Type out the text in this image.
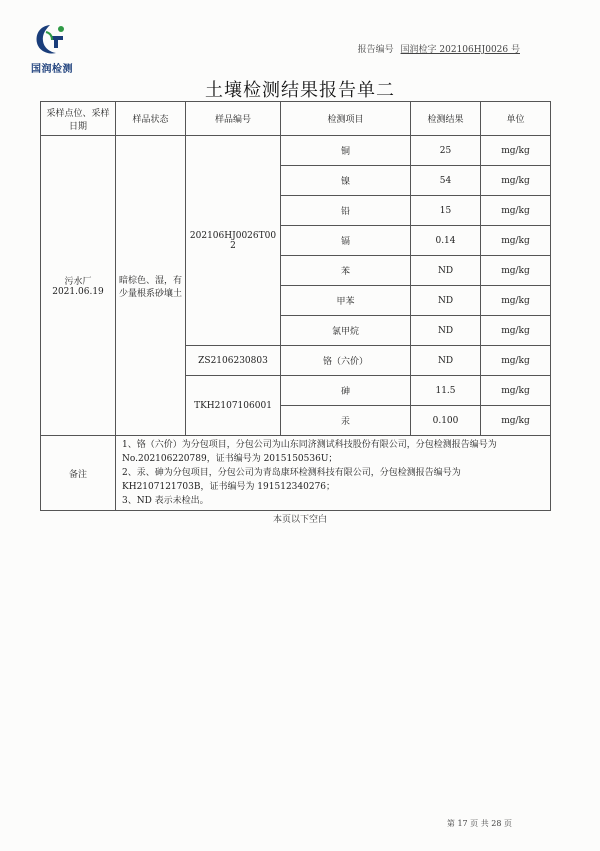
国润检测
报告编号 国润检字 202106HJ0026 号
土壤检测结果报告单二
采样点位、采样日期	样品状态	样品编号	检测项目	检测结果	单位

污水厂
2021.06.19	暗棕色、湿，有少量根系砂壤土	202106HJ0026T002	铜	25	mg/kg
			镍	54	mg/kg
			铅	15	mg/kg
			镉	0.14	mg/kg
			苯	ND	mg/kg
			甲苯	ND	mg/kg
			氯甲烷	ND	mg/kg
		ZS2106230803	铬（六价）	ND	mg/kg
		TKH2107106001	砷	11.5	mg/kg
			汞	0.100	mg/kg
备注	1、铬（六价）为分包项目，分包公司为山东同济测试科技股份有限公司，分包检测报告编号为 No.202106220789，证书编号为 201515053​6U；
2、汞、砷为分包项目，分包公司为青岛康环检测科技有限公司，分包检测报告编号为 KH2107121703B，证书编号为 191512340276；
3、ND 表示未检出。				
本页以下空白
第 17 页 共 28 页
